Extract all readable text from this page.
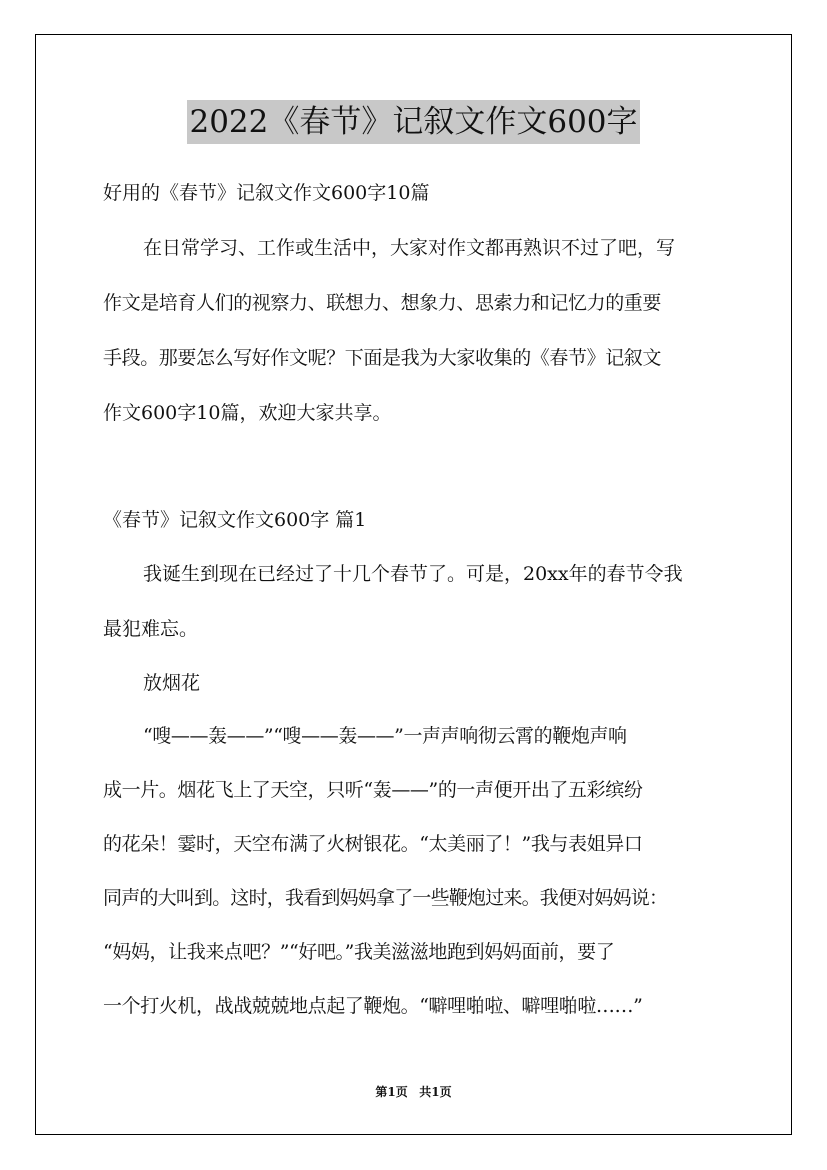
2022《春节》记叙文作文600字
好用的《春节》记叙文作文600字10篇
在日常学习、工作或生活中，大家对作文都再熟识不过了吧，写
作文是培育人们的视察力、联想力、想象力、思索力和记忆力的重要
手段。那要怎么写好作文呢？下面是我为大家收集的《春节》记叙文
作文600字10篇，欢迎大家共享。
《春节》记叙文作文600字 篇1
我诞生到现在已经过了十几个春节了。可是，20xx年的春节令我
最犯难忘。
放烟花
“嗖——轰——”“嗖——轰——”一声声响彻云霄的鞭炮声响
成一片。烟花飞上了天空，只听“轰——”的一声便开出了五彩缤纷
的花朵！霎时，天空布满了火树银花。“太美丽了！”我与表姐异口
同声的大叫到。这时，我看到妈妈拿了一些鞭炮过来。我便对妈妈说：
“妈妈，让我来点吧？”“好吧。”我美滋滋地跑到妈妈面前，要了
一个打火机，战战兢兢地点起了鞭炮。“噼哩啪啦、噼哩啪啦……”
第1页 共1页
